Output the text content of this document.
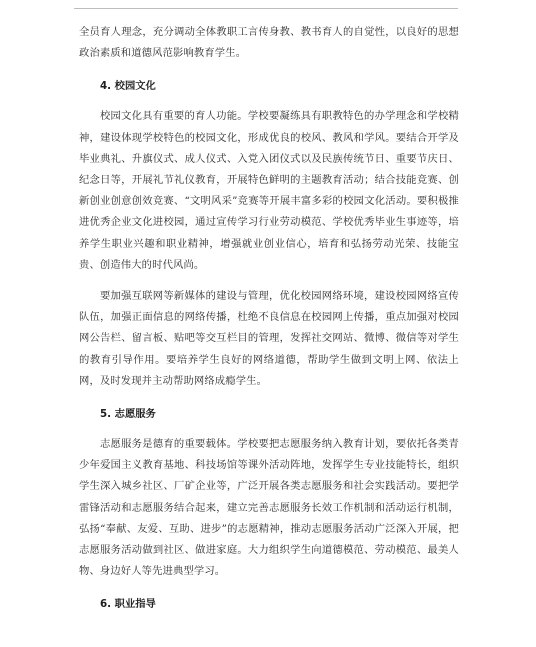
全员育人理念，充分调动全体教职工言传身教、教书育人的自觉性，以良好的思想政治素质和道德风范影响教育学生。

4. 校园文化

校园文化具有重要的育人功能。学校要凝练具有职教特色的办学理念和学校精神，建设体现学校特色的校园文化，形成优良的校风、教风和学风。要结合开学及毕业典礼、升旗仪式、成人仪式、入党入团仪式以及民族传统节日、重要节庆日、纪念日等，开展礼节礼仪教育，开展特色鲜明的主题教育活动；结合技能竞赛、创新创业创意创效竞赛、“文明风采”竞赛等开展丰富多彩的校园文化活动。要积极推进优秀企业文化进校园，通过宣传学习行业劳动模范、学校优秀毕业生事迹等，培养学生职业兴趣和职业精神，增强就业创业信心，培育和弘扬劳动光荣、技能宝贵、创造伟大的时代风尚。

要加强互联网等新媒体的建设与管理，优化校园网络环境，建设校园网络宣传队伍，加强正面信息的网络传播，杜绝不良信息在校园网上传播，重点加强对校园网公告栏、留言板、贴吧等交互栏目的管理，发挥社交网站、微博、微信等对学生的教育引导作用。要培养学生良好的网络道德，帮助学生做到文明上网、依法上网，及时发现并主动帮助网络成瘾学生。

5. 志愿服务

志愿服务是德育的重要载体。学校要把志愿服务纳入教育计划，要依托各类青少年爱国主义教育基地、科技场馆等课外活动阵地，发挥学生专业技能特长，组织学生深入城乡社区、厂矿企业等，广泛开展各类志愿服务和社会实践活动。要把学雷锋活动和志愿服务结合起来，建立完善志愿服务长效工作机制和活动运行机制，弘扬“奉献、友爱、互助、进步”的志愿精神，推动志愿服务活动广泛深入开展，把志愿服务活动做到社区、做进家庭。大力组织学生向道德模范、劳动模范、最美人物、身边好人等先进典型学习。

6. 职业指导
